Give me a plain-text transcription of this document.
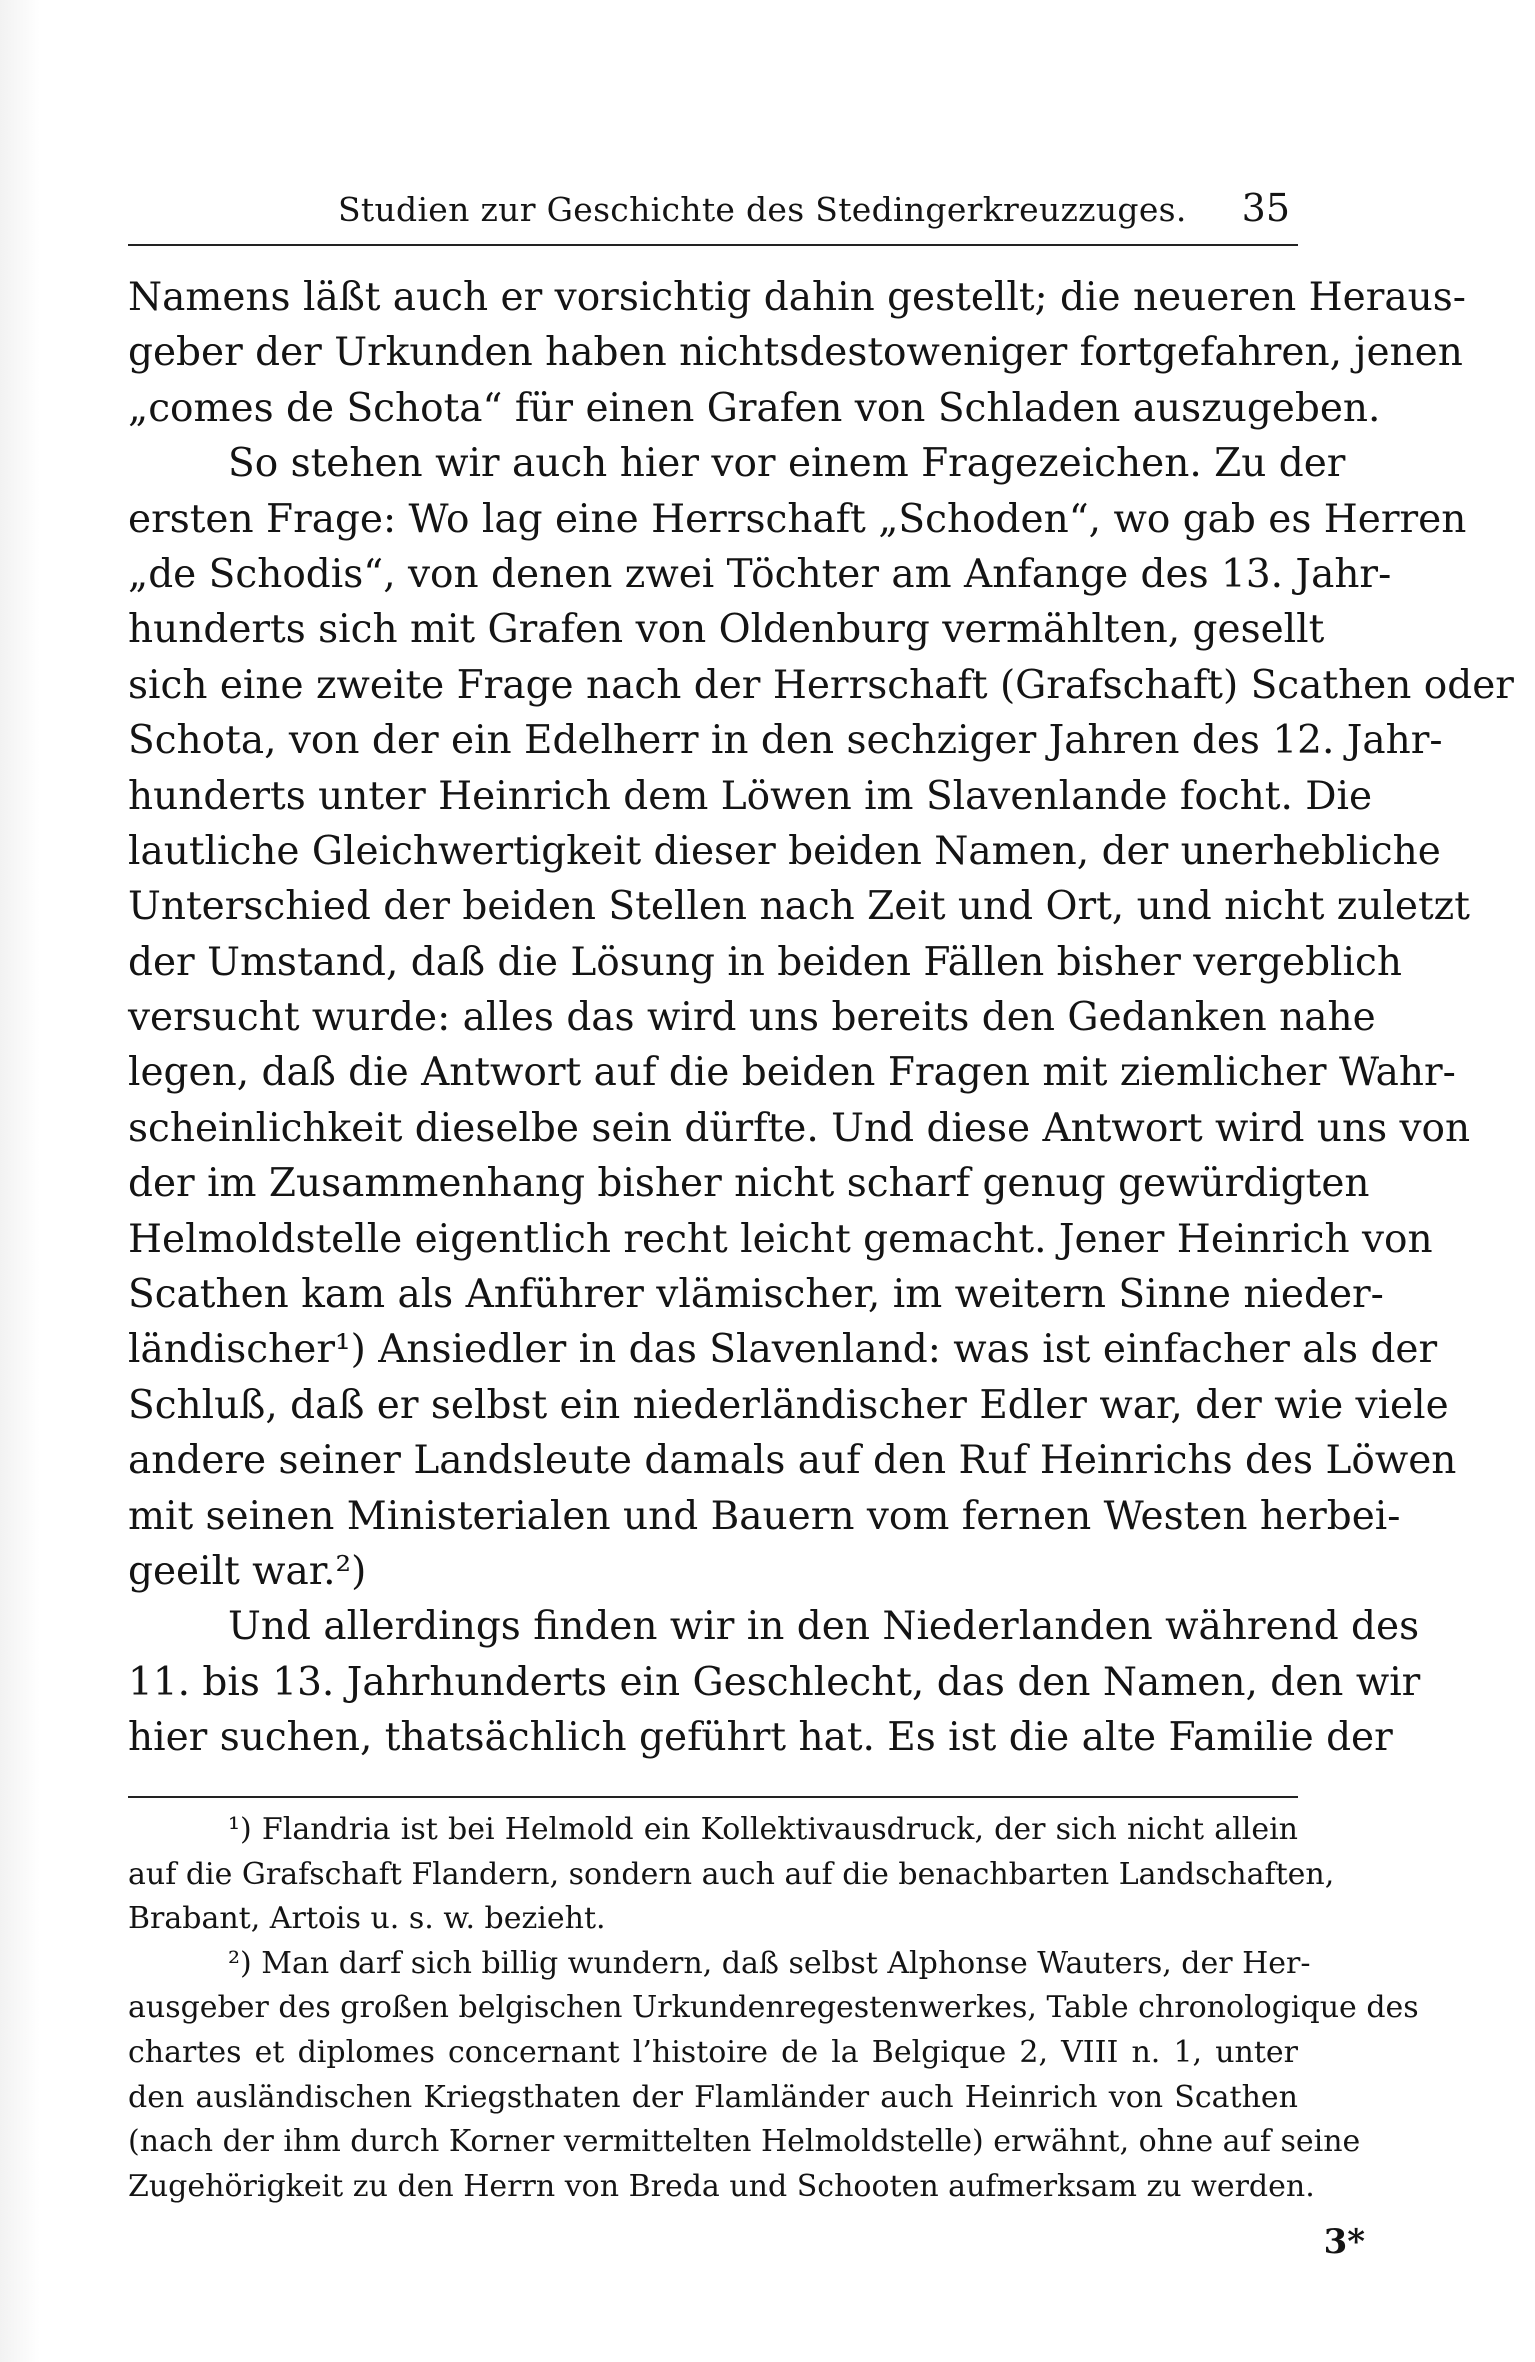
Studien zur Geschichte des Stedingerkreuzzuges. 35
Namens läßt auch er vorsichtig dahin gestellt; die neueren Heraus-
geber der Urkunden haben nichtsdestoweniger fortgefahren, jenen
„comes de Schota“ für einen Grafen von Schladen auszugeben.
So stehen wir auch hier vor einem Fragezeichen. Zu der
ersten Frage: Wo lag eine Herrschaft „Schoden“, wo gab es Herren
„de Schodis“, von denen zwei Töchter am Anfange des 13. Jahr-
hunderts sich mit Grafen von Oldenburg vermählten, gesellt
sich eine zweite Frage nach der Herrschaft (Grafschaft) Scathen oder
Schota, von der ein Edelherr in den sechziger Jahren des 12. Jahr-
hunderts unter Heinrich dem Löwen im Slavenlande focht. Die
lautliche Gleichwertigkeit dieser beiden Namen, der unerhebliche
Unterschied der beiden Stellen nach Zeit und Ort, und nicht zuletzt
der Umstand, daß die Lösung in beiden Fällen bisher vergeblich
versucht wurde: alles das wird uns bereits den Gedanken nahe
legen, daß die Antwort auf die beiden Fragen mit ziemlicher Wahr-
scheinlichkeit dieselbe sein dürfte. Und diese Antwort wird uns von
der im Zusammenhang bisher nicht scharf genug gewürdigten
Helmoldstelle eigentlich recht leicht gemacht. Jener Heinrich von
Scathen kam als Anführer vlämischer, im weitern Sinne nieder-
ländischer¹) Ansiedler in das Slavenland: was ist einfacher als der
Schluß, daß er selbst ein niederländischer Edler war, der wie viele
andere seiner Landsleute damals auf den Ruf Heinrichs des Löwen
mit seinen Ministerialen und Bauern vom fernen Westen herbei-
geeilt war.²)
Und allerdings finden wir in den Niederlanden während des
11. bis 13. Jahrhunderts ein Geschlecht, das den Namen, den wir
hier suchen, thatsächlich geführt hat. Es ist die alte Familie der
¹) Flandria ist bei Helmold ein Kollektivausdruck, der sich nicht allein
auf die Grafschaft Flandern, sondern auch auf die benachbarten Landschaften,
Brabant, Artois u. s. w. bezieht.
²) Man darf sich billig wundern, daß selbst Alphonse Wauters, der Her-
ausgeber des großen belgischen Urkundenregestenwerkes, Table chronologique des
chartes et diplomes concernant l’histoire de la Belgique 2, VIII n. 1, unter
den ausländischen Kriegsthaten der Flamländer auch Heinrich von Scathen
(nach der ihm durch Korner vermittelten Helmoldstelle) erwähnt, ohne auf seine
Zugehörigkeit zu den Herrn von Breda und Schooten aufmerksam zu werden.
3*
